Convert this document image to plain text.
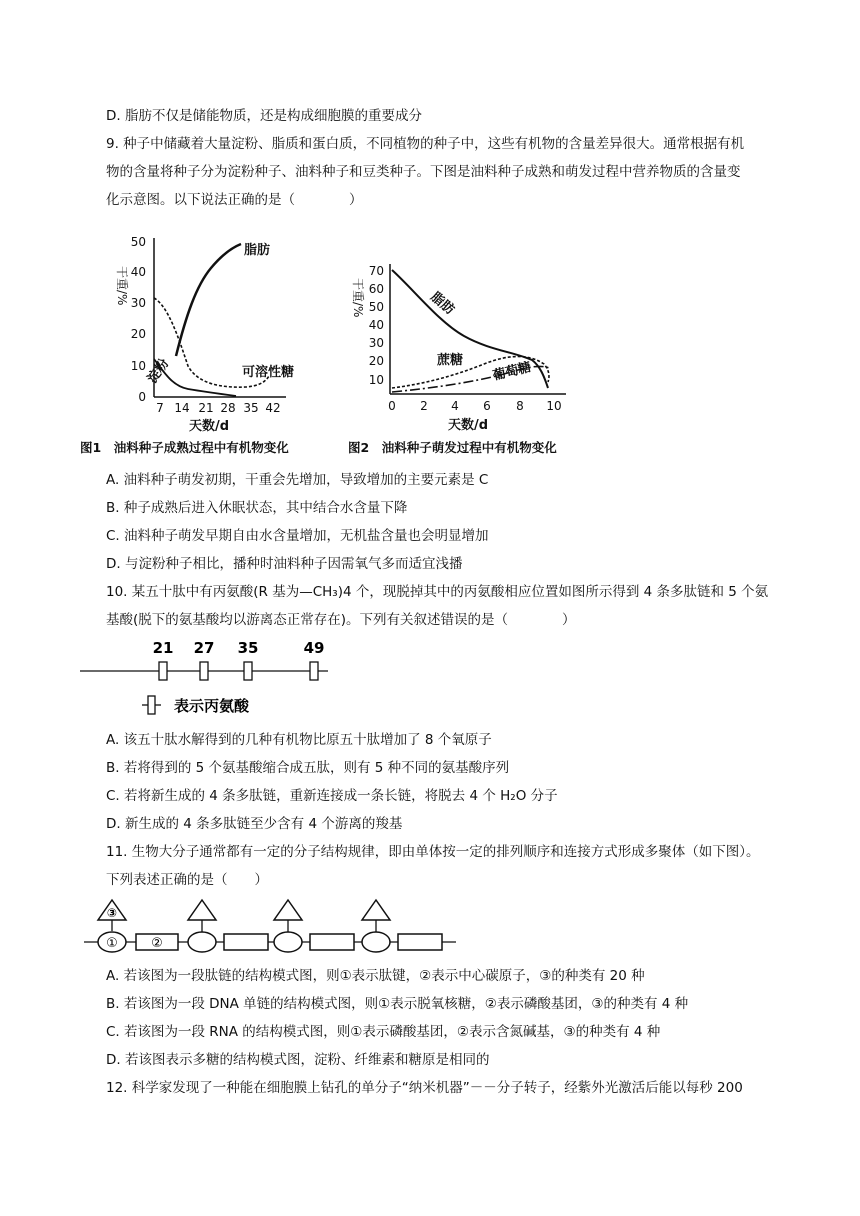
D. 脂肪不仅是储能物质，还是构成细胞膜的重要成分
9. 种子中储藏着大量淀粉、脂质和蛋白质，不同植物的种子中，这些有机物的含量差异很大。通常根据有机
物的含量将种子分为淀粉种子、油料种子和豆类种子。下图是油料种子成熟和萌发过程中营养物质的含量变
化示意图。以下说法正确的是（　　　　）
0
10
20
30
40
50
7 14 21 28 35 42
天数/d
干重/%
脂肪
可溶性糖
淀粉	10
20
30
40
50
60
70
0 2 4 6 8 10
天数/d
干重/%	脂肪
蔗糖 葡萄糖
图1　油料种子成熟过程中有机物变化	图2　油料种子萌发过程中有机物变化
A. 油料种子萌发初期，干重会先增加，导致增加的主要元素是 C
B. 种子成熟后进入休眠状态，其中结合水含量下降
C. 油料种子萌发早期自由水含量增加，无机盐含量也会明显增加
D. 与淀粉种子相比，播种时油料种子因需氧气多而适宜浅播
10. 某五十肽中有丙氨酸(R 基为—CH₃)4 个，现脱掉其中的丙氨酸相应位置如图所示得到 4 条多肽链和 5 个氨
基酸(脱下的氨基酸均以游离态正常存在)。下列有关叙述错误的是（　　　　）
21 27 35	49
表示丙氨酸
A. 该五十肽水解得到的几种有机物比原五十肽增加了 8 个氧原子
B. 若将得到的 5 个氨基酸缩合成五肽，则有 5 种不同的氨基酸序列
C. 若将新生成的 4 条多肽链，重新连接成一条长链，将脱去 4 个 H₂O 分子
D. 新生成的 4 条多肽链至少含有 4 个游离的羧基
11. 生物大分子通常都有一定的分子结构规律，即由单体按一定的排列顺序和连接方式形成多聚体（如下图）。
下列表述正确的是（　　）
③
①	②
A. 若该图为一段肽链的结构模式图，则①表示肽键，②表示中心碳原子，③的种类有 20 种
B. 若该图为一段 DNA 单链的结构模式图，则①表示脱氧核糖，②表示磷酸基团，③的种类有 4 种
C. 若该图为一段 RNA 的结构模式图，则①表示磷酸基团，②表示含氮碱基，③的种类有 4 种
D. 若该图表示多糖的结构模式图，淀粉、纤维素和糖原是相同的
12. 科学家发现了一种能在细胞膜上钻孔的单分子“纳米机器”－－分子转子，经紫外光激活后能以每秒 200
